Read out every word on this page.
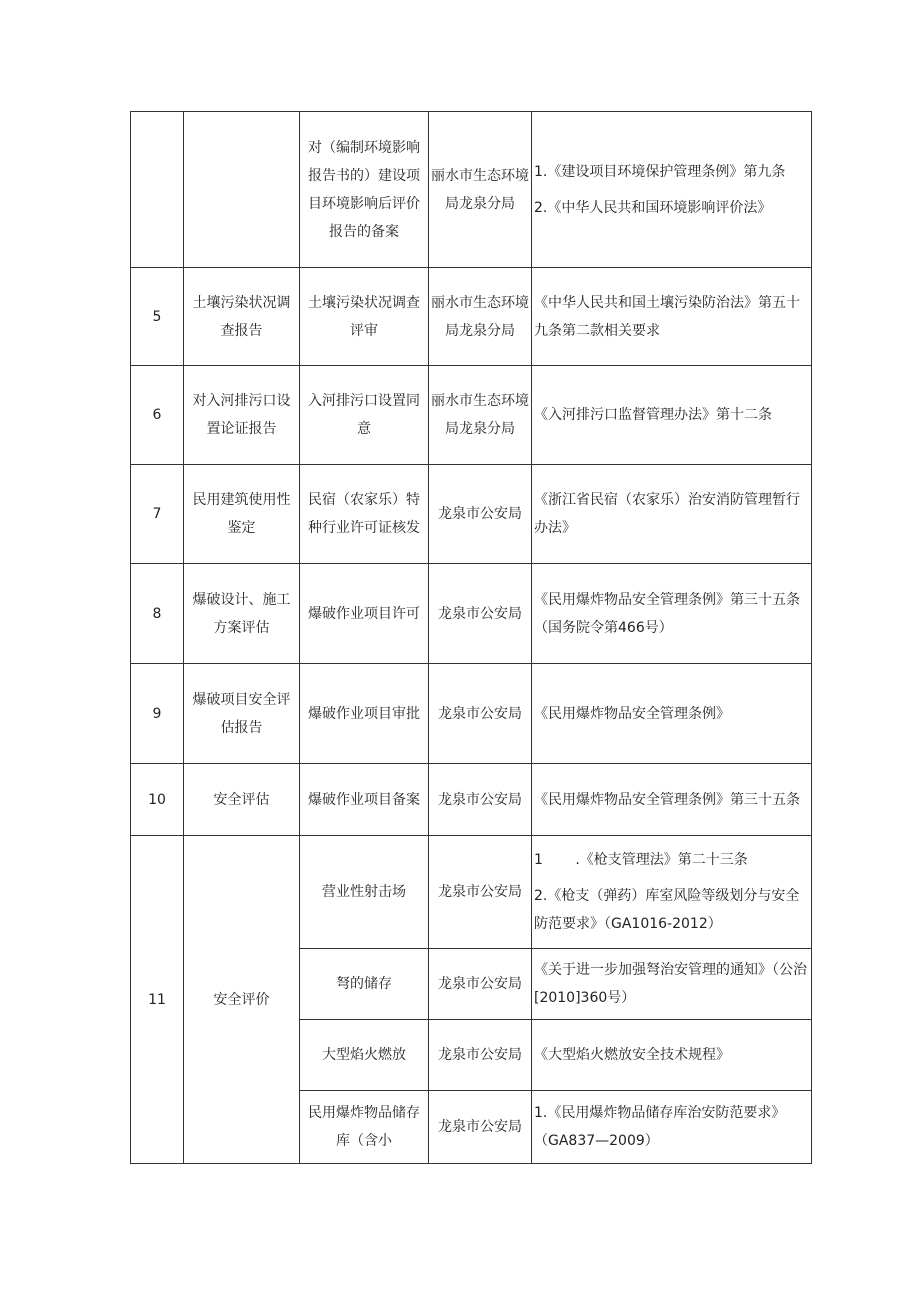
		对（编制环境影响报告书的）建设项目环境影响后评价报告的备案	丽水市生态环境局龙泉分局	1.《建设项目环境保护管理条例》第九条
2.《中华人民共和国环境影响评价法》

5	土壤污染状况调查报告	土壤污染状况调查评审	丽水市生态环境局龙泉分局	《中华人民共和国土壤污染防治法》第五十九条第二款相关要求
6	对入河排污口设置论证报告	入河排污口设置同意	丽水市生态环境局龙泉分局	《入河排污口监督管理办法》第十二条
7	民用建筑使用性鉴定	民宿（农家乐）特种行业许可证核发	龙泉市公安局	《浙江省民宿（农家乐）治安消防管理暂行办法》
8	爆破设计、施工方案评估	爆破作业项目许可	龙泉市公安局	《民用爆炸物品安全管理条例》第三十五条（国务院令第466号）
9	爆破项目安全评估报告	爆破作业项目审批	龙泉市公安局	《民用爆炸物品安全管理条例》
10	安全评估	爆破作业项目备案	龙泉市公安局	《民用爆炸物品安全管理条例》第三十五条
11	安全评价	营业性射击场	龙泉市公安局	1 　　.《枪支管理法》第二十三条
2.《枪支（弹药）库室风险等级划分与安全防范要求》（GA1016-2012）

		弩的储存	龙泉市公安局	《关于进一步加强弩治安管理的通知》（公治[2010]360号）
		大型焰火燃放	龙泉市公安局	《大型焰火燃放安全技术规程》
		民用爆炸物品储存库（含小	龙泉市公安局	1.《民用爆炸物品储存库治安防范要求》（GA837—2009）
